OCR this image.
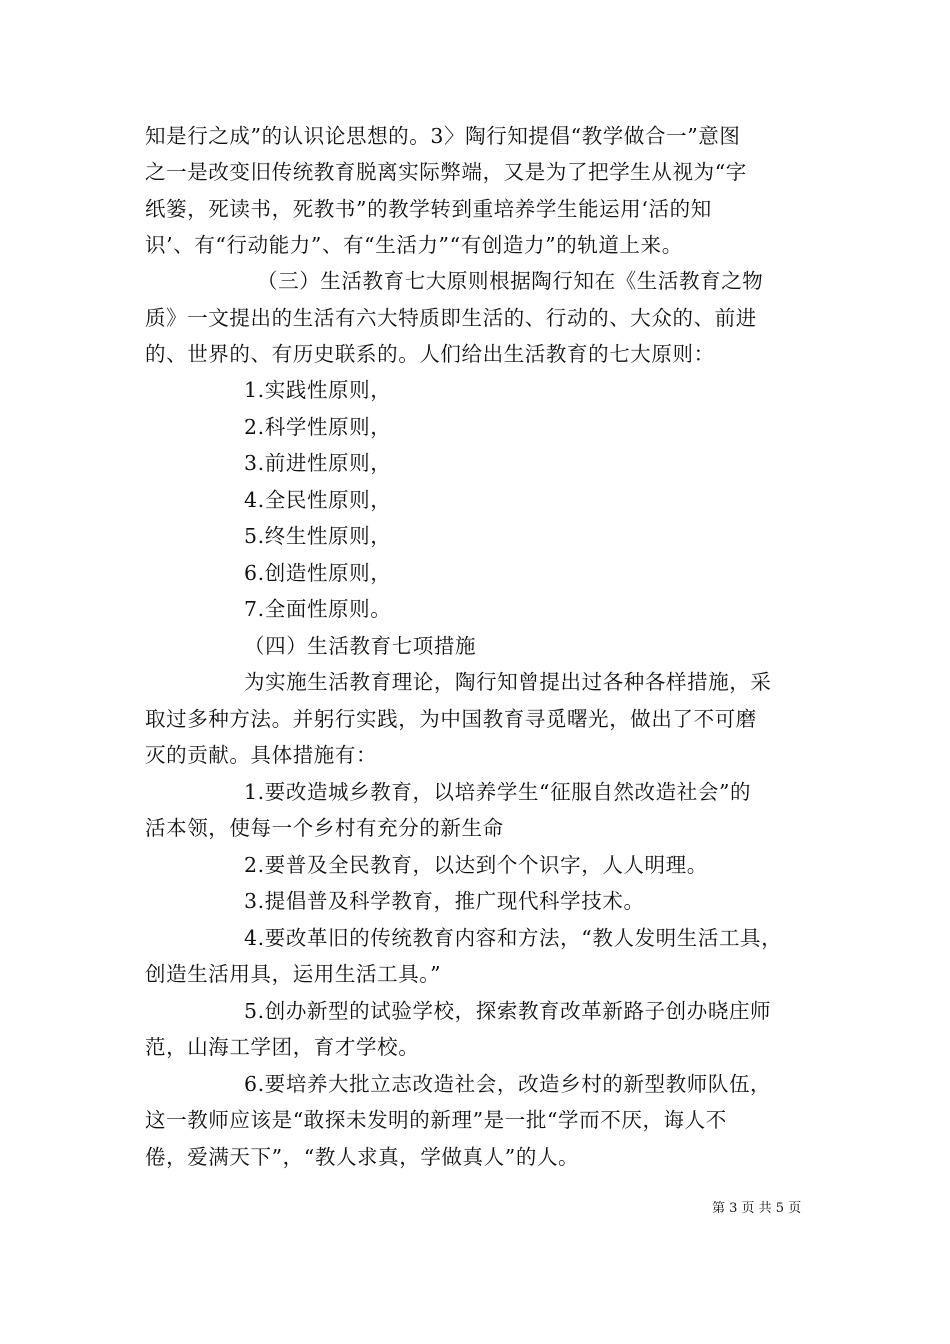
知是行之成”的认识论思想的。3〉陶行知提倡“教学做合一”意图
之一是改变旧传统教育脱离实际弊端，又是为了把学生从视为“字
纸篓，死读书，死教书”的教学转到重培养学生能运用‘活的知
识’、有“行动能力”、有“生活力”“有创造力”的轨道上来。
（三）生活教育七大原则根据陶行知在《生活教育之物
质》一文提出的生活有六大特质即生活的、行动的、大众的、前进
的、世界的、有历史联系的。人们给出生活教育的七大原则：
1.实践性原则，
2.科学性原则，
3.前进性原则，
4.全民性原则，
5.终生性原则，
6.创造性原则，
7.全面性原则。
（四）生活教育七项措施
为实施生活教育理论，陶行知曾提出过各种各样措施，采
取过多种方法。并躬行实践，为中国教育寻觅曙光，做出了不可磨
灭的贡献。具体措施有：
1.要改造城乡教育，以培养学生“征服自然改造社会”的
活本领，使每一个乡村有充分的新生命
2.要普及全民教育，以达到个个识字，人人明理。
3.提倡普及科学教育，推广现代科学技术。
4.要改革旧的传统教育内容和方法，“教人发明生活工具，
创造生活用具，运用生活工具。”
5.创办新型的试验学校，探索教育改革新路子创办晓庄师
范，山海工学团，育才学校。
6.要培养大批立志改造社会，改造乡村的新型教师队伍，
这一教师应该是“敢探未发明的新理”是一批“学而不厌，诲人不
倦，爱满天下”，“教人求真，学做真人”的人。
第 3 页 共 5 页
